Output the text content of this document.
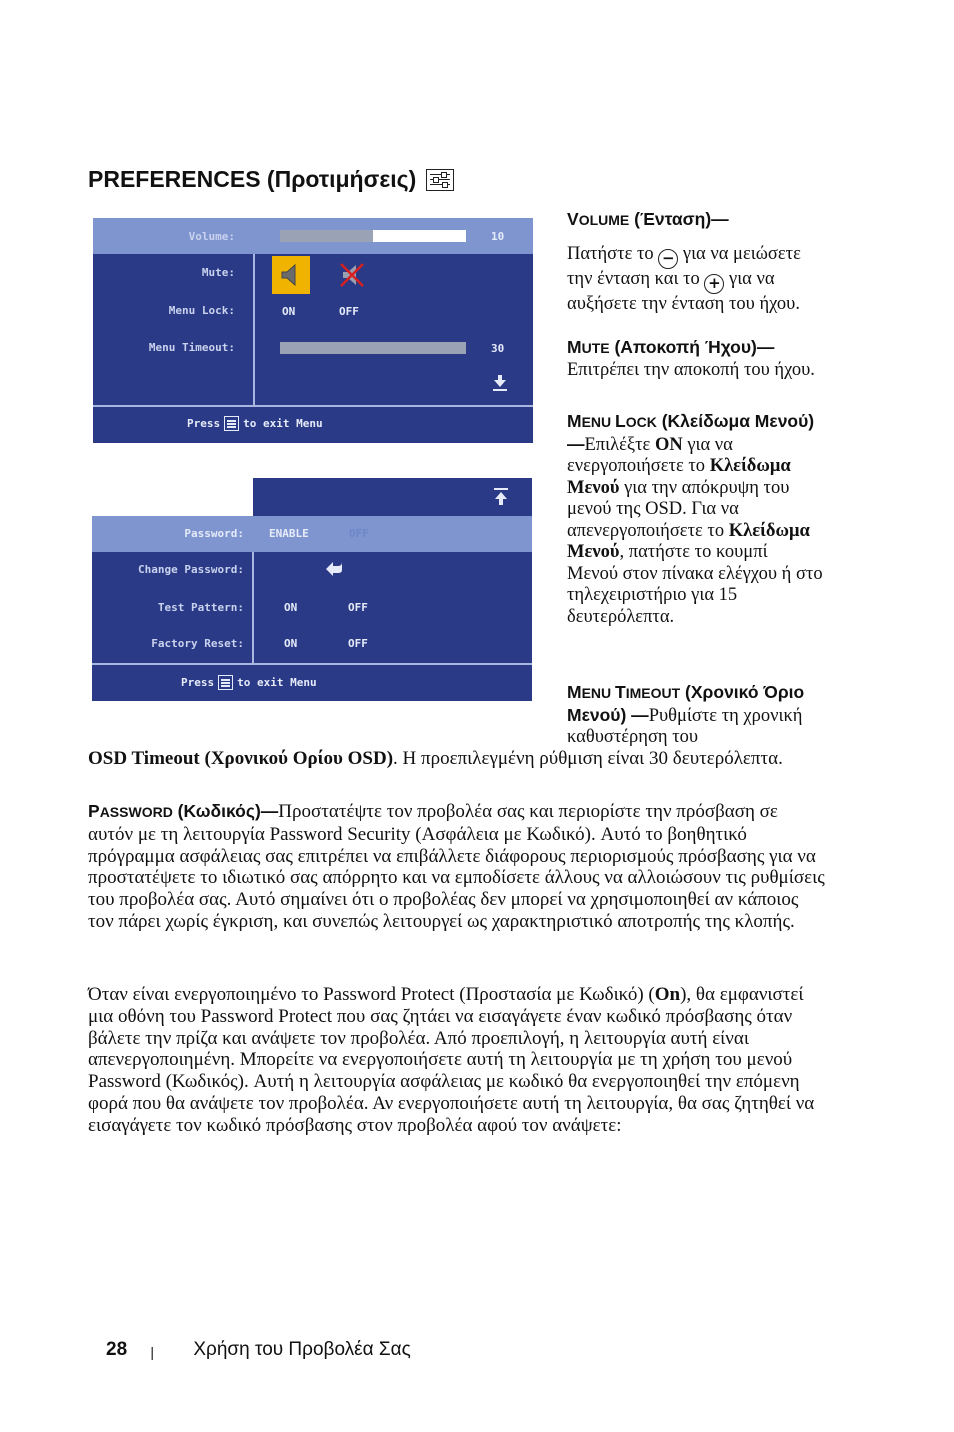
PREFERENCES (Προτιμήσεις)
Volume:	10
Mute:
Menu Lock:	ON	OFF
Menu Timeout:	30
Press to exit Menu
Password: ENABLE	OFF
Change Password:
Test Pattern:	ON	OFF
Factory Reset:	ON	OFF
Press to exit Menu
VOLUME (Ένταση)—
Πατήστε το − για να μειώσετε την ένταση και το + για να αυξήσετε την ένταση του ήχου.
MUTE (Αποκοπή Ήχου)—Επιτρέπει την αποκοπή του ήχου.
MENU LOCK (Κλείδωμα Μενού)—Επιλέξτε ON για να ενεργοποιήσετε το Κλείδωμα Μενού για την απόκρυψη του μενού της OSD. Για να απενεργοποιήσετε το Κλείδωμα Μενού, πατήστε το κουμπί Μενού στον πίνακα ελέγχου ή στο τηλεχειριστήριο για 15 δευτερόλεπτα.
MENU TIMEOUT (Χρονικό Όριο Μενού) —Ρυθμίστε τη χρονική καθυστέρηση του
OSD Timeout (Χρονικού Ορίου OSD). Η προεπιλεγμένη ρύθμιση είναι 30 δευτερόλεπτα.
PASSWORD (Κωδικός)—Προστατέψτε τον προβολέα σας και περιορίστε την πρόσβαση σε αυτόν με τη λειτουργία Password Security (Ασφάλεια με Κωδικό). Αυτό το βοηθητικό πρόγραμμα ασφάλειας σας επιτρέπει να επιβάλλετε διάφορους περιορισμούς πρόσβασης για να προστατέψετε το ιδιωτικό σας απόρρητο και να εμποδίσετε άλλους να αλλοιώσουν τις ρυθμίσεις του προβολέα σας. Αυτό σημαίνει ότι ο προβολέας δεν μπορεί να χρησιμοποιηθεί αν κάποιος τον πάρει χωρίς έγκριση, και συνεπώς λειτουργεί ως χαρακτηριστικό αποτροπής της κλοπής.
Όταν είναι ενεργοποιημένο το Password Protect (Προστασία με Κωδικό) (On), θα εμφανιστεί μια οθόνη του Password Protect που σας ζητάει να εισαγάγετε έναν κωδικό πρόσβασης όταν βάλετε την πρίζα και ανάψετε τον προβολέα. Από προεπιλογή, η λειτουργία αυτή είναι απενεργοποιημένη. Μπορείτε να ενεργοποιήσετε αυτή τη λειτουργία με τη χρήση του μενού Password (Κωδικός). Αυτή η λειτουργία ασφάλειας με κωδικό θα ενεργοποιηθεί την επόμενη φορά που θα ανάψετε τον προβολέα. Αν ενεργοποιήσετε αυτή τη λειτουργία, θα σας ζητηθεί να εισαγάγετε τον κωδικό πρόσβασης στον προβολέα αφού τον ανάψετε:
28 | Χρήση του Προβολέα Σας
